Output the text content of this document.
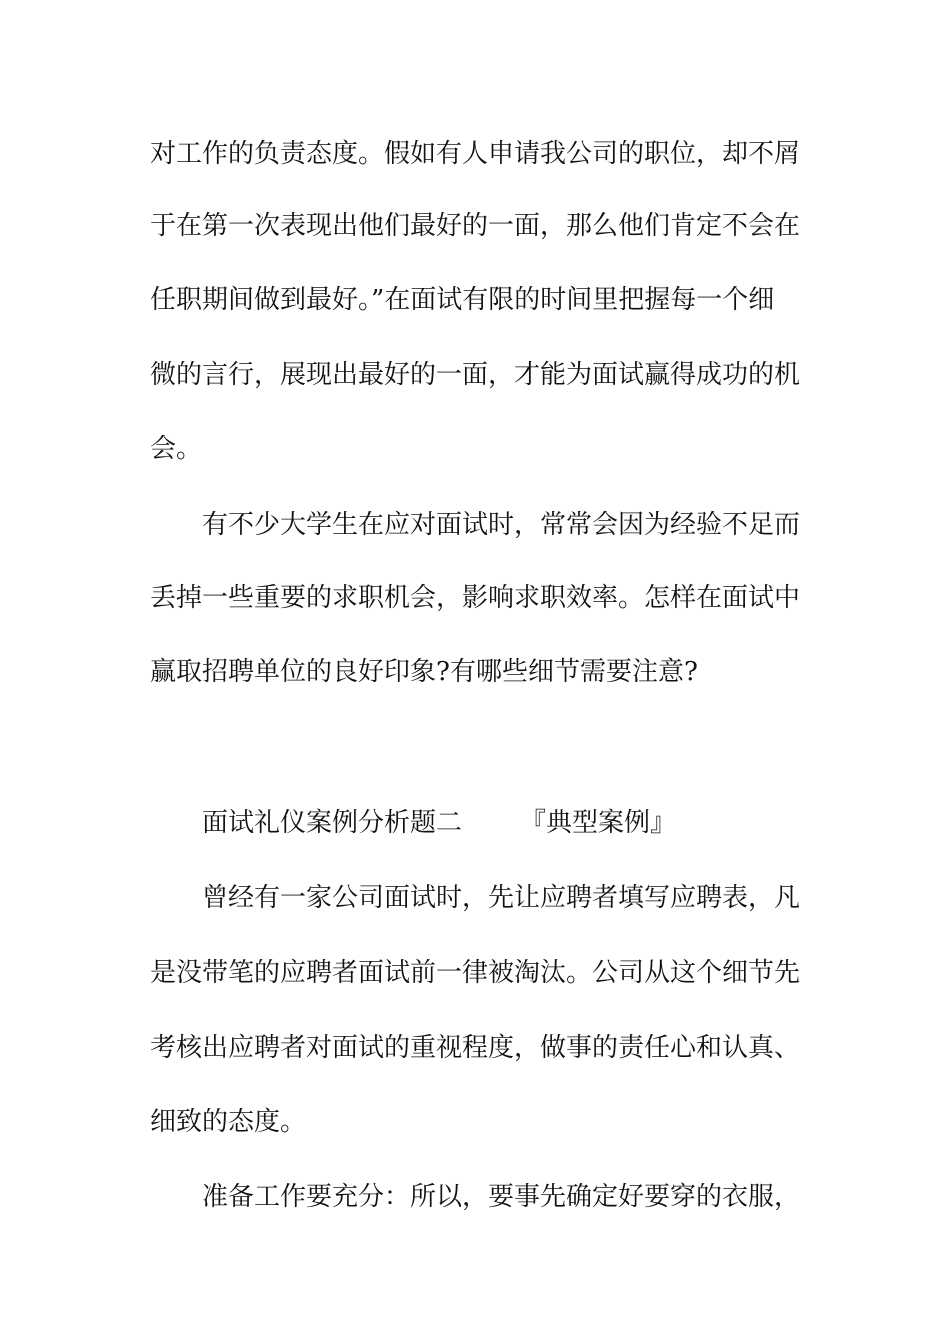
对工作的负责态度。假如有人申请我公司的职位，却不屑
于在第一次表现出他们最好的一面，那么他们肯定不会在
任职期间做到最好。”在面试有限的时间里把握每一个细
微的言行，展现出最好的一面，才能为面试赢得成功的机
会。
有不少大学生在应对面试时，常常会因为经验不足而
丢掉一些重要的求职机会，影响求职效率。怎样在面试中
赢取招聘单位的良好印象?有哪些细节需要注意?
面试礼仪案例分析题二 『典型案例』
曾经有一家公司面试时，先让应聘者填写应聘表，凡
是没带笔的应聘者面试前一律被淘汰。公司从这个细节先
考核出应聘者对面试的重视程度，做事的责任心和认真、
细致的态度。
准备工作要充分：所以，要事先确定好要穿的衣服，
